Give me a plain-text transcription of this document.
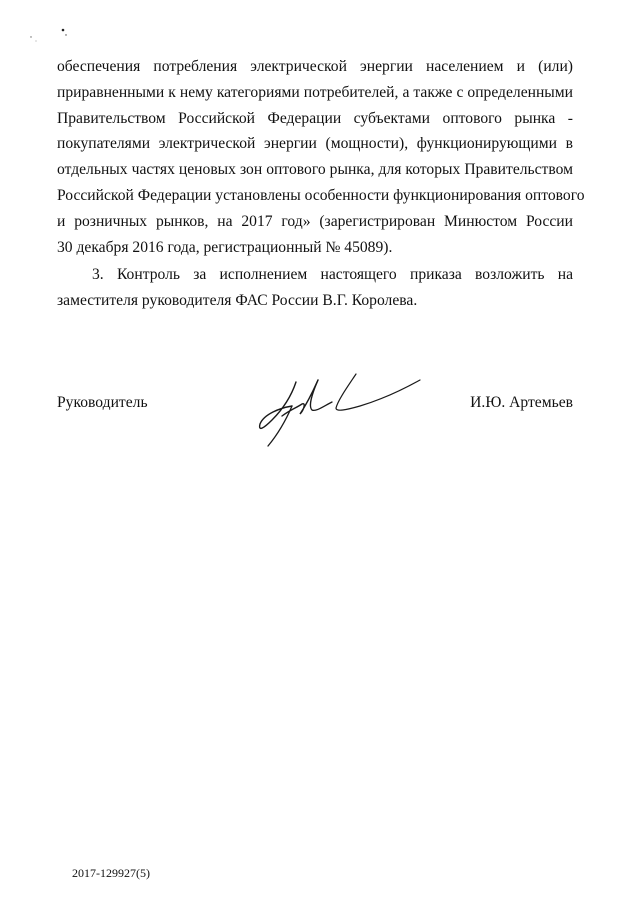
обеспечения потребления электрической энергии населением и (или)
приравненными к нему категориями потребителей, а также с определенными
Правительством Российской Федерации субъектами оптового рынка -
покупателями электрической энергии (мощности), функционирующими в
отдельных частях ценовых зон оптового рынка, для которых Правительством
Российской Федерации установлены особенности функционирования оптового
и розничных рынков, на 2017 год» (зарегистрирован Минюстом России
30 декабря 2016 года, регистрационный № 45089).
3. Контроль за исполнением настоящего приказа возложить на
заместителя руководителя ФАС России В.Г. Королева.
Руководитель	И.Ю. Артемьев
2017-129927(5)
